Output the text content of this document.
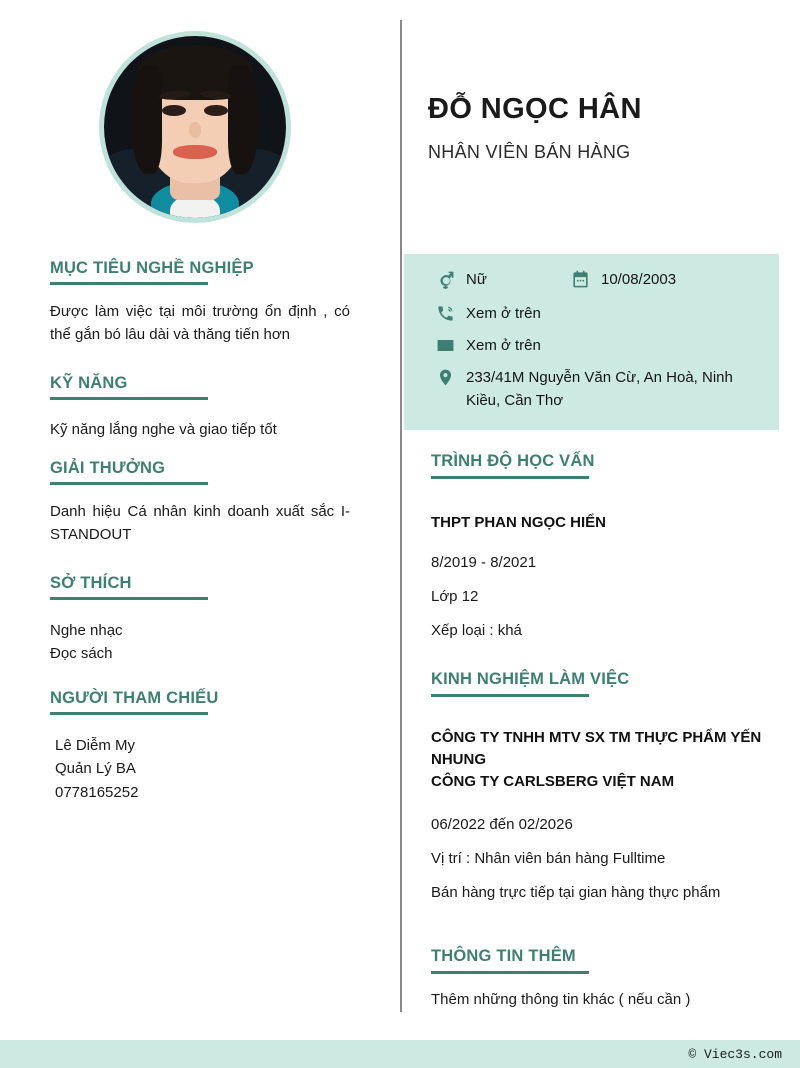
MỤC TIÊU NGHỀ NGHIỆP
Được làm việc tại môi trường ổn định , có thể gắn bó lâu dài và thăng tiến hơn
KỸ NĂNG
Kỹ năng lắng nghe và giao tiếp tốt
GIẢI THƯỞNG
Danh hiệu Cá nhân kinh doanh xuất sắc I-STANDOUT
SỞ THÍCH
Nghe nhạc
Đọc sách
NGƯỜI THAM CHIẾU
Lê Diễm My
Quản Lý BA
0778165252
ĐỖ NGỌC HÂN
NHÂN VIÊN BÁN HÀNG
Nữ	10/08/2003
Xem ở trên
Xem ở trên
233/41M Nguyễn Văn Cừ, An Hoà, Ninh Kiều, Cần Thơ
TRÌNH ĐỘ HỌC VẤN
THPT PHAN NGỌC HIỂN
8/2019 - 8/2021
Lớp 12
Xếp loại : khá
KINH NGHIỆM LÀM VIỆC
CÔNG TY TNHH MTV SX TM THỰC PHẨM YẾN NHUNG
CÔNG TY CARLSBERG VIỆT NAM
06/2022 đến 02/2026
Vị trí : Nhân viên bán hàng Fulltime
Bán hàng trực tiếp tại gian hàng thực phẩm
THÔNG TIN THÊM
Thêm những thông tin khác ( nếu cần )
© Viec3s.com
